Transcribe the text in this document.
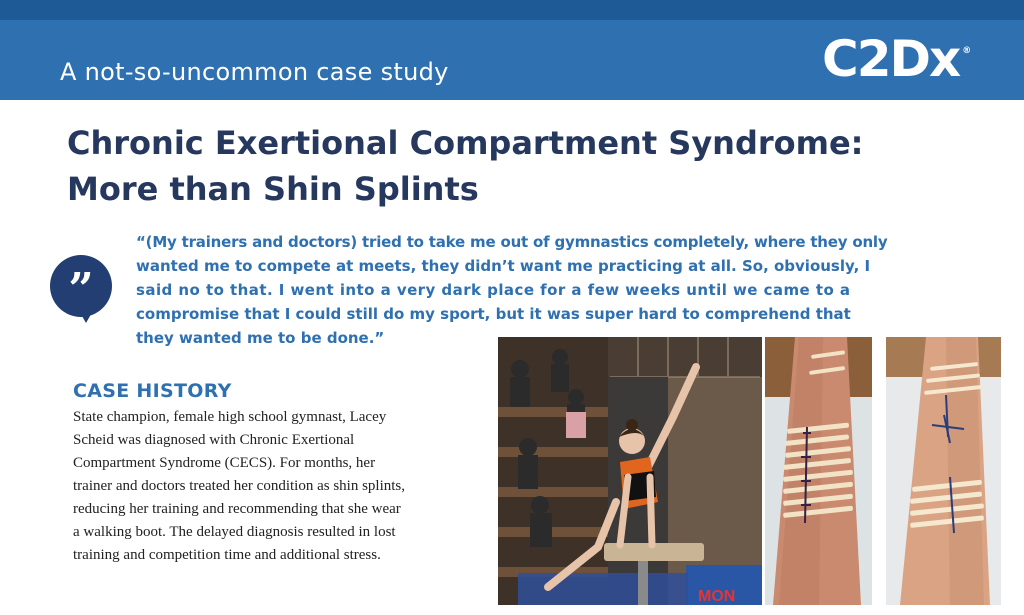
A not-so-uncommon case study	C2Dx ®
Chronic Exertional Compartment Syndrome:
More than Shin Splints
”
“(My trainers and doctors) tried to take me out of gymnastics completely, where they only
wanted me to compete at meets, they didn’t want me practicing at all. So, obviously, I
said no to that. I went into a very dark place for a few weeks until we came to a
compromise that I could still do my sport, but it was super hard to comprehend that
they wanted me to be done.”
CASE HISTORY
State champion, female high school gymnast, Lacey
Scheid was diagnosed with Chronic Exertional
Compartment Syndrome (CECS). For months, her
trainer and doctors treated her condition as shin splints,
reducing her training and recommending that she wear
a walking boot. The delayed diagnosis resulted in lost
training and competition time and additional stress.
MON
